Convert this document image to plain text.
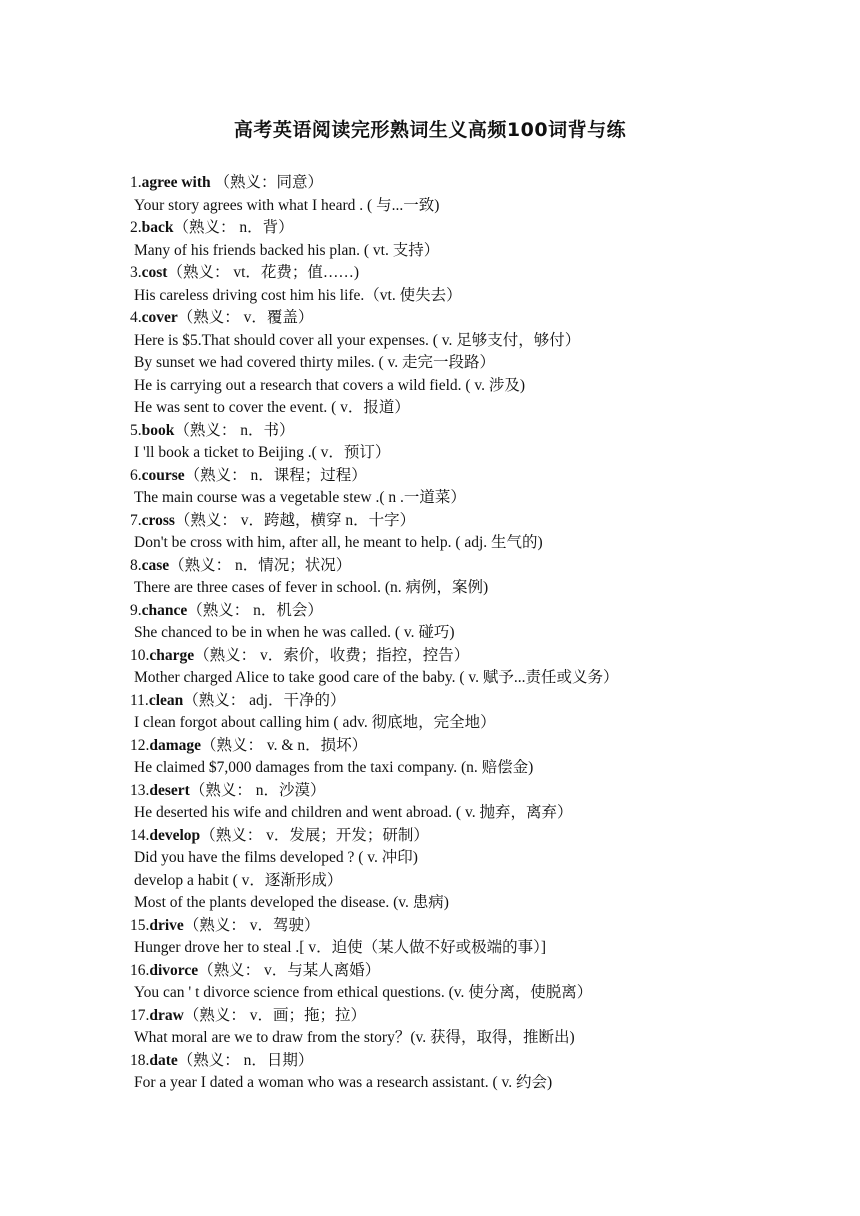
高考英语阅读完形熟词生义高频100词背与练
1.agree with （熟义：同意）
Your story agrees with what I heard . ( 与...一致)
2.back（熟义： n．背）
Many of his friends backed his plan. ( vt. 支持）
3.cost（熟义： vt．花费；值……)
His careless driving cost him his life.（vt. 使失去）
4.cover（熟义： v．覆盖）
Here is $5.That should cover all your expenses. ( v. 足够支付，够付）
By sunset we had covered thirty miles. ( v. 走完一段路）
He is carrying out a research that covers a wild field. ( v. 涉及)
He was sent to cover the event. ( v．报道）
5.book（熟义： n．书）
I 'll book a ticket to Beijing .( v．预订）
6.course（熟义： n．课程；过程）
The main course was a vegetable stew .( n .一道菜）
7.cross（熟义： v．跨越，横穿 n．十字）
Don't be cross with him, after all, he meant to help. ( adj. 生气的)
8.case（熟义： n．情况；状况）
There are three cases of fever in school. (n. 病例，案例)
9.chance（熟义： n．机会）
She chanced to be in when he was called. ( v. 碰巧)
10.charge（熟义： v．索价，收费；指控，控告）
Mother charged Alice to take good care of the baby. ( v. 赋予...责任或义务）
11.clean（熟义： adj．干净的）
I clean forgot about calling him ( adv. 彻底地，完全地）
12.damage（熟义： v. & n．损坏）
He claimed $7,000 damages from the taxi company. (n. 赔偿金)
13.desert（熟义： n．沙漠）
He deserted his wife and children and went abroad. ( v. 抛弃，离弃）
14.develop（熟义： v．发展；开发；研制）
Did you have the films developed ? ( v. 冲印)
develop a habit ( v．逐渐形成）
Most of the plants developed the disease. (v. 患病)
15.drive（熟义： v．驾驶）
Hunger drove her to steal .[ v．迫使（某人做不好或极端的事）]
16.divorce（熟义： v．与某人离婚）
You can ' t divorce science from ethical questions. (v. 使分离，使脱离）
17.draw（熟义： v．画；拖；拉）
What moral are we to draw from the story？(v. 获得，取得，推断出)
18.date（熟义： n．日期）
For a year I dated a woman who was a research assistant. ( v. 约会)
